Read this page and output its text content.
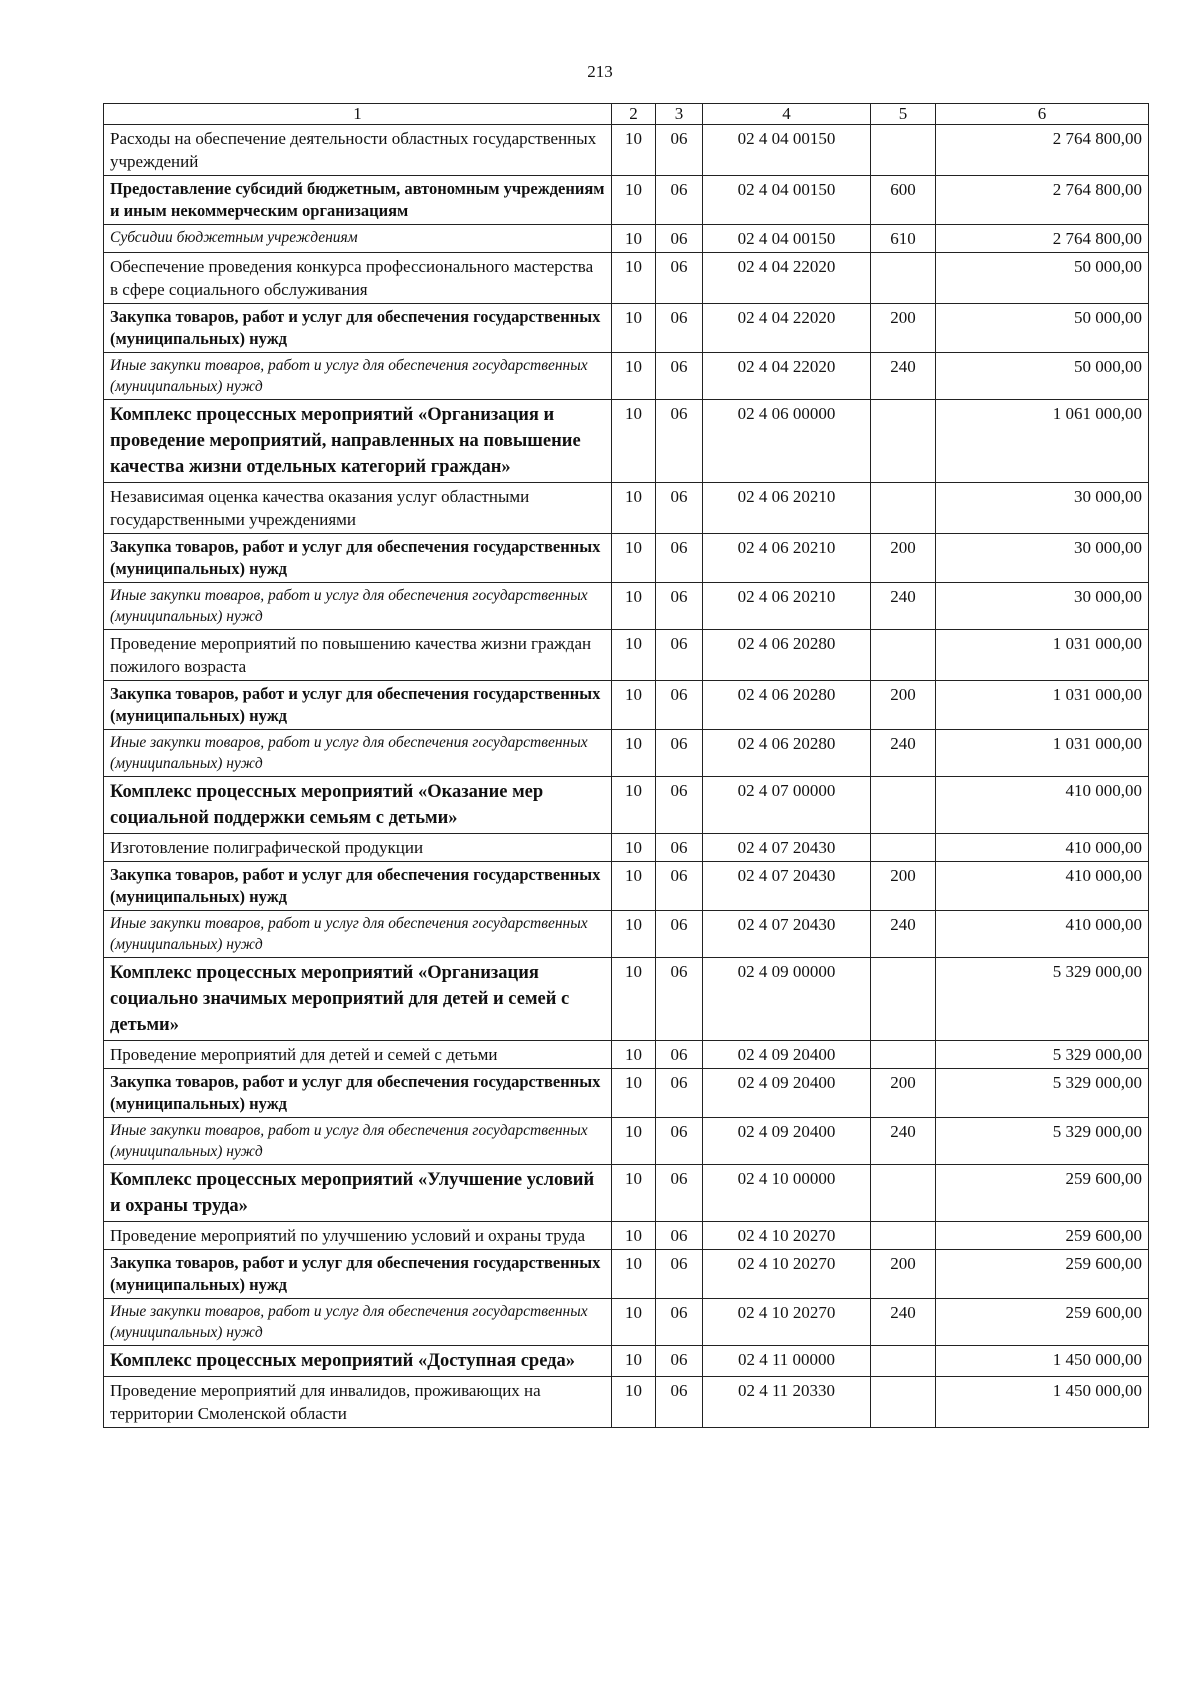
213
1	2	3	4	5	6
Расходы на обеспечение деятельности областных государственных учреждений	10	06	02 4 04 00150		2 764 800,00
Предоставление субсидий бюджетным, автономным учреждениям и иным некоммерческим организациям	10	06	02 4 04 00150	600	2 764 800,00
Субсидии бюджетным учреждениям	10	06	02 4 04 00150	610	2 764 800,00
Обеспечение проведения конкурса профессионального мастерства в сфере социального обслуживания	10	06	02 4 04 22020		50 000,00
Закупка товаров, работ и услуг для обеспечения государственных (муниципальных) нужд	10	06	02 4 04 22020	200	50 000,00
Иные закупки товаров, работ и услуг для обеспечения государственных (муниципальных) нужд	10	06	02 4 04 22020	240	50 000,00
Комплекс процессных мероприятий «Организация и проведение мероприятий, направленных на повышение качества жизни отдельных категорий граждан»	10	06	02 4 06 00000		1 061 000,00
Независимая оценка качества оказания услуг областными государственными учреждениями	10	06	02 4 06 20210		30 000,00
Закупка товаров, работ и услуг для обеспечения государственных (муниципальных) нужд	10	06	02 4 06 20210	200	30 000,00
Иные закупки товаров, работ и услуг для обеспечения государственных (муниципальных) нужд	10	06	02 4 06 20210	240	30 000,00
Проведение мероприятий по повышению качества жизни граждан пожилого возраста	10	06	02 4 06 20280		1 031 000,00
Закупка товаров, работ и услуг для обеспечения государственных (муниципальных) нужд	10	06	02 4 06 20280	200	1 031 000,00
Иные закупки товаров, работ и услуг для обеспечения государственных (муниципальных) нужд	10	06	02 4 06 20280	240	1 031 000,00
Комплекс процессных мероприятий «Оказание мер социальной поддержки семьям с детьми»	10	06	02 4 07 00000		410 000,00
Изготовление полиграфической продукции	10	06	02 4 07 20430		410 000,00
Закупка товаров, работ и услуг для обеспечения государственных (муниципальных) нужд	10	06	02 4 07 20430	200	410 000,00
Иные закупки товаров, работ и услуг для обеспечения государственных (муниципальных) нужд	10	06	02 4 07 20430	240	410 000,00
Комплекс процессных мероприятий «Организация социально значимых мероприятий для детей и семей с детьми»	10	06	02 4 09 00000		5 329 000,00
Проведение мероприятий для детей и семей с детьми	10	06	02 4 09 20400		5 329 000,00
Закупка товаров, работ и услуг для обеспечения государственных (муниципальных) нужд	10	06	02 4 09 20400	200	5 329 000,00
Иные закупки товаров, работ и услуг для обеспечения государственных (муниципальных) нужд	10	06	02 4 09 20400	240	5 329 000,00
Комплекс процессных мероприятий «Улучшение условий и охраны труда»	10	06	02 4 10 00000		259 600,00
Проведение мероприятий по улучшению условий и охраны труда	10	06	02 4 10 20270		259 600,00
Закупка товаров, работ и услуг для обеспечения государственных (муниципальных) нужд	10	06	02 4 10 20270	200	259 600,00
Иные закупки товаров, работ и услуг для обеспечения государственных (муниципальных) нужд	10	06	02 4 10 20270	240	259 600,00
Комплекс процессных мероприятий «Доступная среда»	10	06	02 4 11 00000		1 450 000,00
Проведение мероприятий для инвалидов, проживающих на территории Смоленской области	10	06	02 4 11 20330		1 450 000,00
